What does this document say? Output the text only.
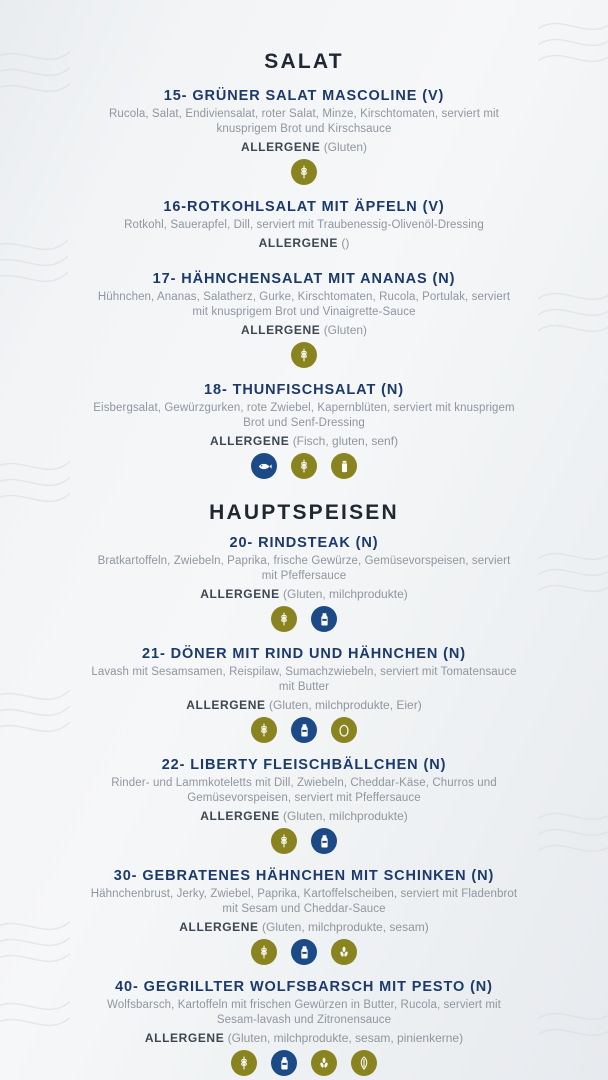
SALAT
15- GRÜNER SALAT MASCOLINE (V)
Rucola, Salat, Endiviensalat, roter Salat, Minze, Kirschtomaten, serviert mit knusprigem Brot und Kirschsauce
ALLERGENE (Gluten)
16-ROTKOHLSALAT MIT ÄPFELN (V)
Rotkohl, Sauerapfel, Dill, serviert mit Traubenessig-Olivenöl-Dressing
ALLERGENE ()
17- HÄHNCHENSALAT MIT ANANAS (N)
Hühnchen, Ananas, Salatherz, Gurke, Kirschtomaten, Rucola, Portulak, serviert mit knusprigem Brot und Vinaigrette-Sauce
ALLERGENE (Gluten)
18- THUNFISCHSALAT (N)
Eisbergsalat, Gewürzgurken, rote Zwiebel, Kapernblüten, serviert mit knusprigem Brot und Senf-Dressing
ALLERGENE (Fisch, gluten, senf)
HAUPTSPEISEN
20- RINDSTEAK (N)
Bratkartoffeln, Zwiebeln, Paprika, frische Gewürze, Gemüsevorspeisen, serviert mit Pfeffersauce
ALLERGENE (Gluten, milchprodukte)
21- DÖNER MIT RIND UND HÄHNCHEN (N)
Lavash mit Sesamsamen, Reispilaw, Sumachzwiebeln, serviert mit Tomatensauce mit Butter
ALLERGENE (Gluten, milchprodukte, Eier)
22- LIBERTY FLEISCHBÄLLCHEN (N)
Rinder- und Lammkoteletts mit Dill, Zwiebeln, Cheddar-Käse, Churros und Gemüsevorspeisen, serviert mit Pfeffersauce
ALLERGENE (Gluten, milchprodukte)
30- GEBRATENES HÄHNCHEN MIT SCHINKEN (N)
Hähnchenbrust, Jerky, Zwiebel, Paprika, Kartoffelscheiben, serviert mit Fladenbrot mit Sesam und Cheddar-Sauce
ALLERGENE (Gluten, milchprodukte, sesam)
40- GEGRILLTER WOLFSBARSCH MIT PESTO (N)
Wolfsbarsch, Kartoffeln mit frischen Gewürzen in Butter, Rucola, serviert mit Sesam-lavash und Zitronensauce
ALLERGENE (Gluten, milchprodukte, sesam, pinienkerne)
